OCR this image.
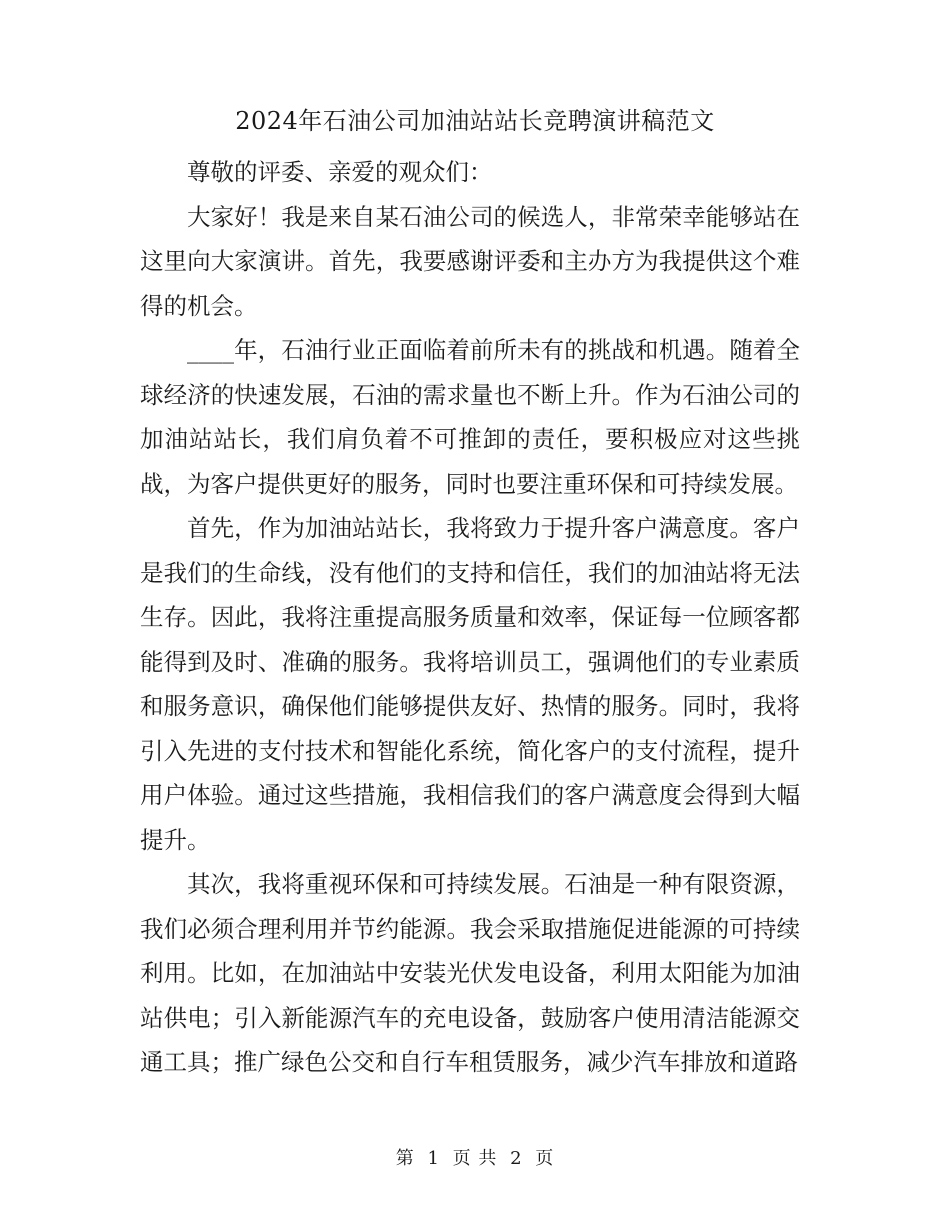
2024年石油公司加油站站长竞聘演讲稿范文

尊敬的评委、亲爱的观众们：

大家好！我是来自某石油公司的候选人，非常荣幸能够站在这里向大家演讲。首先，我要感谢评委和主办方为我提供这个难得的机会。

____年，石油行业正面临着前所未有的挑战和机遇。随着全球经济的快速发展，石油的需求量也不断上升。作为石油公司的加油站站长，我们肩负着不可推卸的责任，要积极应对这些挑战，为客户提供更好的服务，同时也要注重环保和可持续发展。

首先，作为加油站站长，我将致力于提升客户满意度。客户是我们的生命线，没有他们的支持和信任，我们的加油站将无法生存。因此，我将注重提高服务质量和效率，保证每一位顾客都能得到及时、准确的服务。我将培训员工，强调他们的专业素质和服务意识，确保他们能够提供友好、热情的服务。同时，我将引入先进的支付技术和智能化系统，简化客户的支付流程，提升用户体验。通过这些措施，我相信我们的客户满意度会得到大幅提升。

其次，我将重视环保和可持续发展。石油是一种有限资源，我们必须合理利用并节约能源。我会采取措施促进能源的可持续利用。比如，在加油站中安装光伏发电设备，利用太阳能为加油站供电；引入新能源汽车的充电设备，鼓励客户使用清洁能源交通工具；推广绿色公交和自行车租赁服务，减少汽车排放和道路

第 1 页 共 2 页
